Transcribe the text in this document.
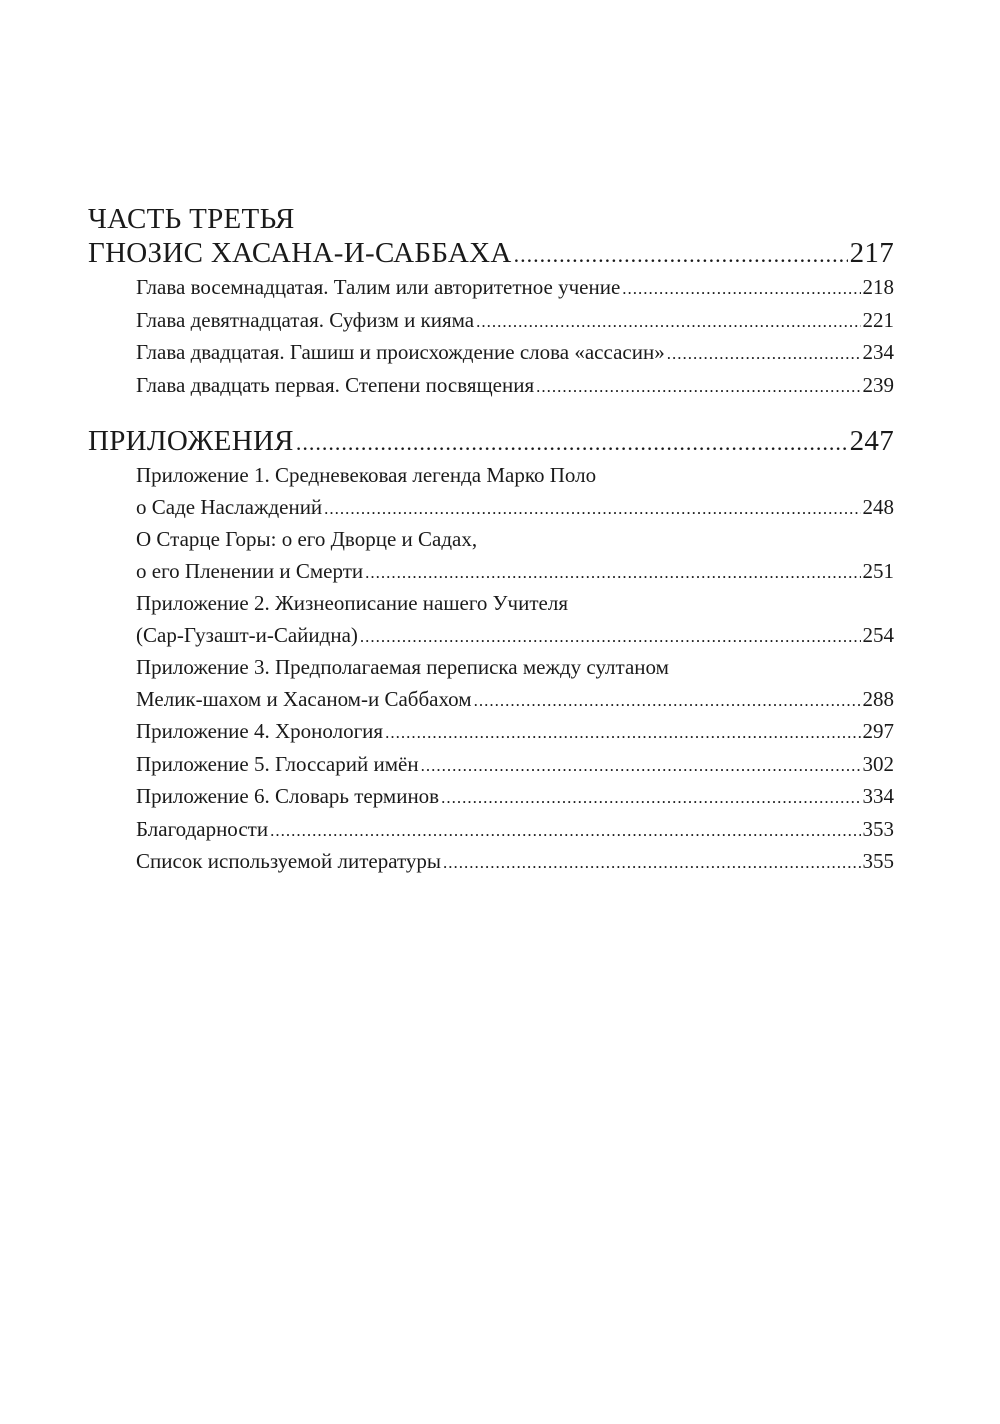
ЧАСТЬ ТРЕТЬЯ
ГНОЗИС ХАСАНА-И-САББАХА .....	217
Глава восемнадцатая. Талим или авторитетное учение .....	218
Глава девятнадцатая. Суфизм и кияма .....	221
Глава двадцатая. Гашиш и происхождение слова «ассасин» .....	234
Глава двадцать первая. Степени посвящения .....	239
ПРИЛОЖЕНИЯ .....	247
Приложение 1. Средневековая легенда Марко Поло
о Саде Наслаждений .....	248
О Старце Горы: о его Дворце и Садах,
о его Пленении и Смерти .....	251
Приложение 2. Жизнеописание нашего Учителя
(Сар-Гузашт-и-Сайидна) .....	254
Приложение 3. Предполагаемая переписка между султаном
Мелик-шахом и Хасаном-и Саббахом .....	288
Приложение 4. Хронология .....	297
Приложение 5. Глоссарий имён .....	302
Приложение 6. Словарь терминов .....	334
Благодарности .....	353
Список используемой литературы .....	355
